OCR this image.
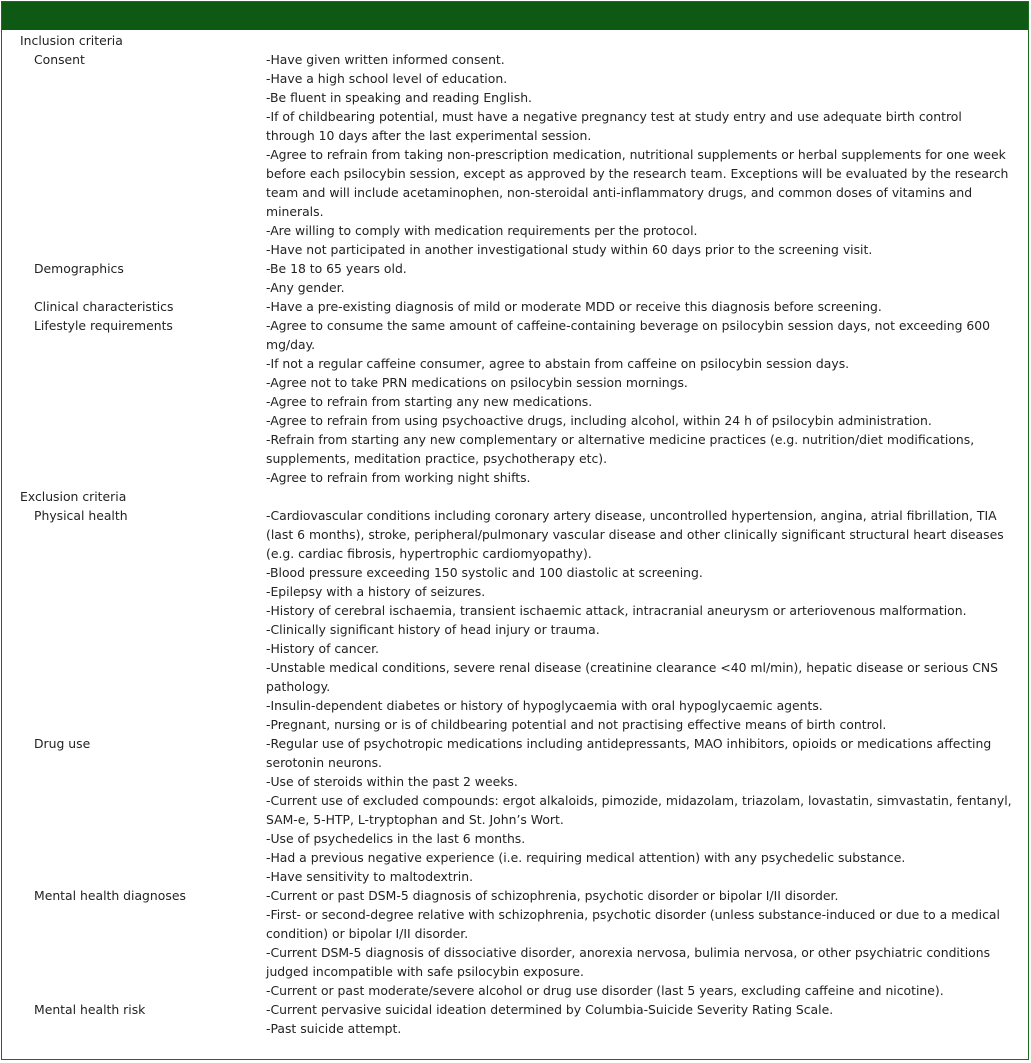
Inclusion criteria
Consent	-Have given written informed consent.
-Have a high school level of education.
-Be fluent in speaking and reading English.
-If of childbearing potential, must have a negative pregnancy test at study entry and use adequate birth control through 10 days after the last experimental session.
-Agree to refrain from taking non-prescription medication, nutritional supplements or herbal supplements for one week before each psilocybin session, except as approved by the research team. Exceptions will be evaluated by the research team and will include acetaminophen, non-steroidal anti-inflammatory drugs, and common doses of vitamins and minerals.
-Are willing to comply with medication requirements per the protocol.
-Have not participated in another investigational study within 60 days prior to the screening visit.
Demographics	-Be 18 to 65 years old.
-Any gender.
Clinical characteristics	-Have a pre-existing diagnosis of mild or moderate MDD or receive this diagnosis before screening.
Lifestyle requirements	-Agree to consume the same amount of caffeine-containing beverage on psilocybin session days, not exceeding 600 mg/day.
-If not a regular caffeine consumer, agree to abstain from caffeine on psilocybin session days.
-Agree not to take PRN medications on psilocybin session mornings.
-Agree to refrain from starting any new medications.
-Agree to refrain from using psychoactive drugs, including alcohol, within 24 h of psilocybin administration.
-Refrain from starting any new complementary or alternative medicine practices (e.g. nutrition/diet modifications, supplements, meditation practice, psychotherapy etc).
-Agree to refrain from working night shifts.
Exclusion criteria
Physical health	-Cardiovascular conditions including coronary artery disease, uncontrolled hypertension, angina, atrial fibrillation, TIA (last 6 months), stroke, peripheral/pulmonary vascular disease and other clinically significant structural heart diseases (e.g. cardiac fibrosis, hypertrophic cardiomyopathy).
-Blood pressure exceeding 150 systolic and 100 diastolic at screening.
-Epilepsy with a history of seizures.
-History of cerebral ischaemia, transient ischaemic attack, intracranial aneurysm or arteriovenous malformation.
-Clinically significant history of head injury or trauma.
-History of cancer.
-Unstable medical conditions, severe renal disease (creatinine clearance <40 ml/min), hepatic disease or serious CNS pathology.
-Insulin-dependent diabetes or history of hypoglycaemia with oral hypoglycaemic agents.
-Pregnant, nursing or is of childbearing potential and not practising effective means of birth control.
Drug use	-Regular use of psychotropic medications including antidepressants, MAO inhibitors, opioids or medications affecting serotonin neurons.
-Use of steroids within the past 2 weeks.
-Current use of excluded compounds: ergot alkaloids, pimozide, midazolam, triazolam, lovastatin, simvastatin, fentanyl, SAM-e, 5-HTP, L-tryptophan and St. John’s Wort.
-Use of psychedelics in the last 6 months.
-Had a previous negative experience (i.e. requiring medical attention) with any psychedelic substance.
-Have sensitivity to maltodextrin.
Mental health diagnoses	-Current or past DSM-5 diagnosis of schizophrenia, psychotic disorder or bipolar I/II disorder.
-First- or second-degree relative with schizophrenia, psychotic disorder (unless substance-induced or due to a medical condition) or bipolar I/II disorder.
-Current DSM-5 diagnosis of dissociative disorder, anorexia nervosa, bulimia nervosa, or other psychiatric conditions judged incompatible with safe psilocybin exposure.
-Current or past moderate/severe alcohol or drug use disorder (last 5 years, excluding caffeine and nicotine).
Mental health risk	-Current pervasive suicidal ideation determined by Columbia-Suicide Severity Rating Scale.
-Past suicide attempt.
